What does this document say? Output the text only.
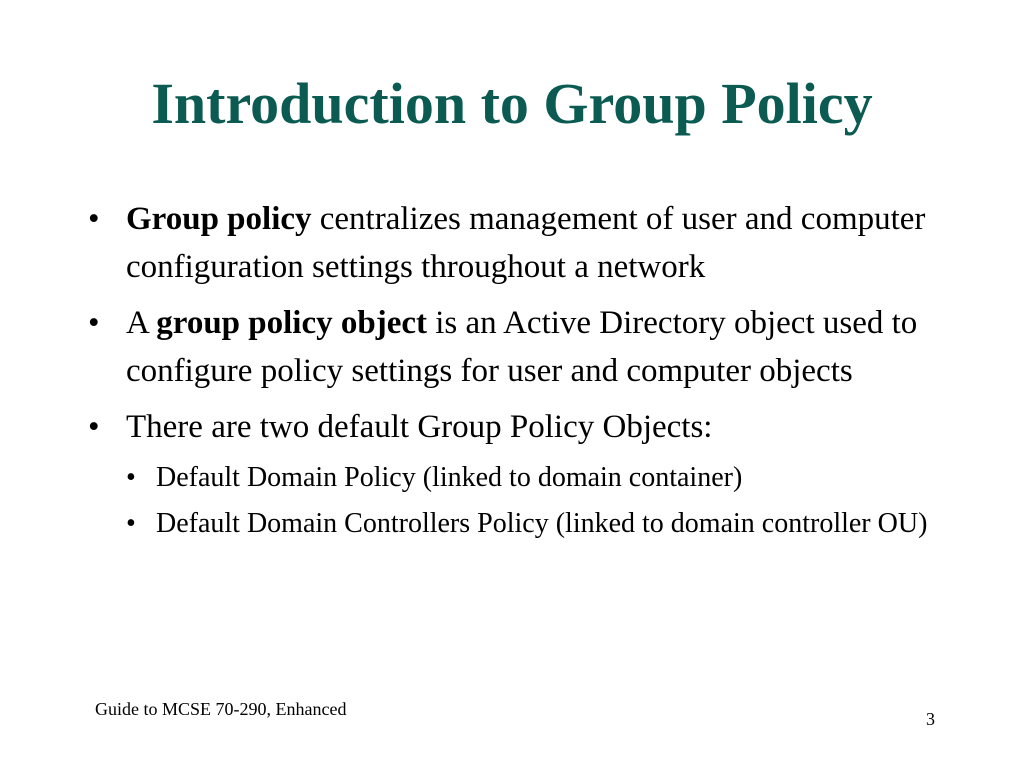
Introduction to Group Policy
• Group policy centralizes management of user and computer configuration settings throughout a network
• A group policy object is an Active Directory object used to configure policy settings for user and computer objects
• There are two default Group Policy Objects:
• Default Domain Policy (linked to domain container)
• Default Domain Controllers Policy (linked to domain controller OU)
Guide to MCSE 70-290, Enhanced	3
